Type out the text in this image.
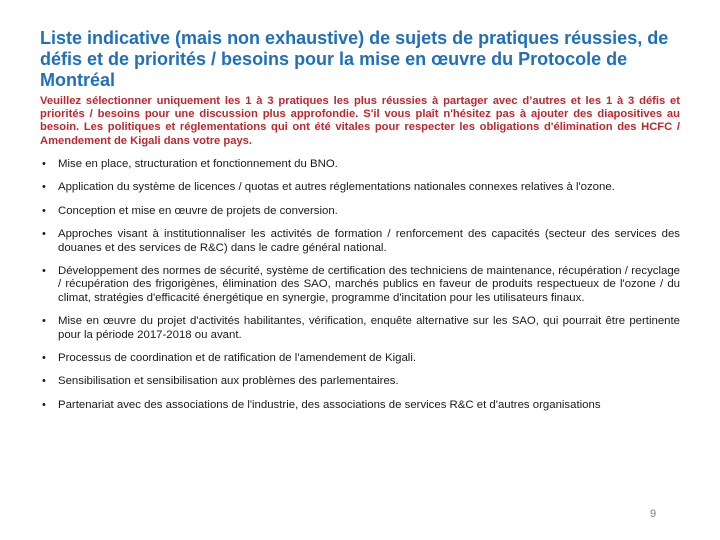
Liste indicative (mais non exhaustive) de sujets de pratiques réussies, de défis et de priorités / besoins pour la mise en œuvre du Protocole de Montréal

Veuillez sélectionner uniquement les 1 à 3 pratiques les plus réussies à partager avec d’autres et les 1 à 3 défis et priorités / besoins pour une discussion plus approfondie. S'il vous plaît n'hésitez pas à ajouter des diapositives au besoin. Les politiques et réglementations qui ont été vitales pour respecter les obligations d'élimination des HCFC / Amendement de Kigali dans votre pays.

• Mise en place, structuration et fonctionnement du BNO.
• Application du système de licences / quotas et autres réglementations nationales connexes relatives à l'ozone.
• Conception et mise en œuvre de projets de conversion.
• Approches visant à institutionnaliser les activités de formation / renforcement des capacités (secteur des services des douanes et des services de R&C) dans le cadre général national.
• Développement des normes de sécurité, système de certification des techniciens de maintenance, récupération / recyclage / récupération des frigorigènes, élimination des SAO, marchés publics en faveur de produits respectueux de l'ozone / du climat, stratégies d'efficacité énergétique en synergie, programme d'incitation pour les utilisateurs finaux.
• Mise en œuvre du projet d'activités habilitantes, vérification, enquête alternative sur les SAO, qui pourrait être pertinente pour la période 2017-2018 ou avant.
• Processus de coordination et de ratification de l'amendement de Kigali.
• Sensibilisation et sensibilisation aux problèmes des parlementaires.
• Partenariat avec des associations de l'industrie, des associations de services R&C et d'autres organisations
9
